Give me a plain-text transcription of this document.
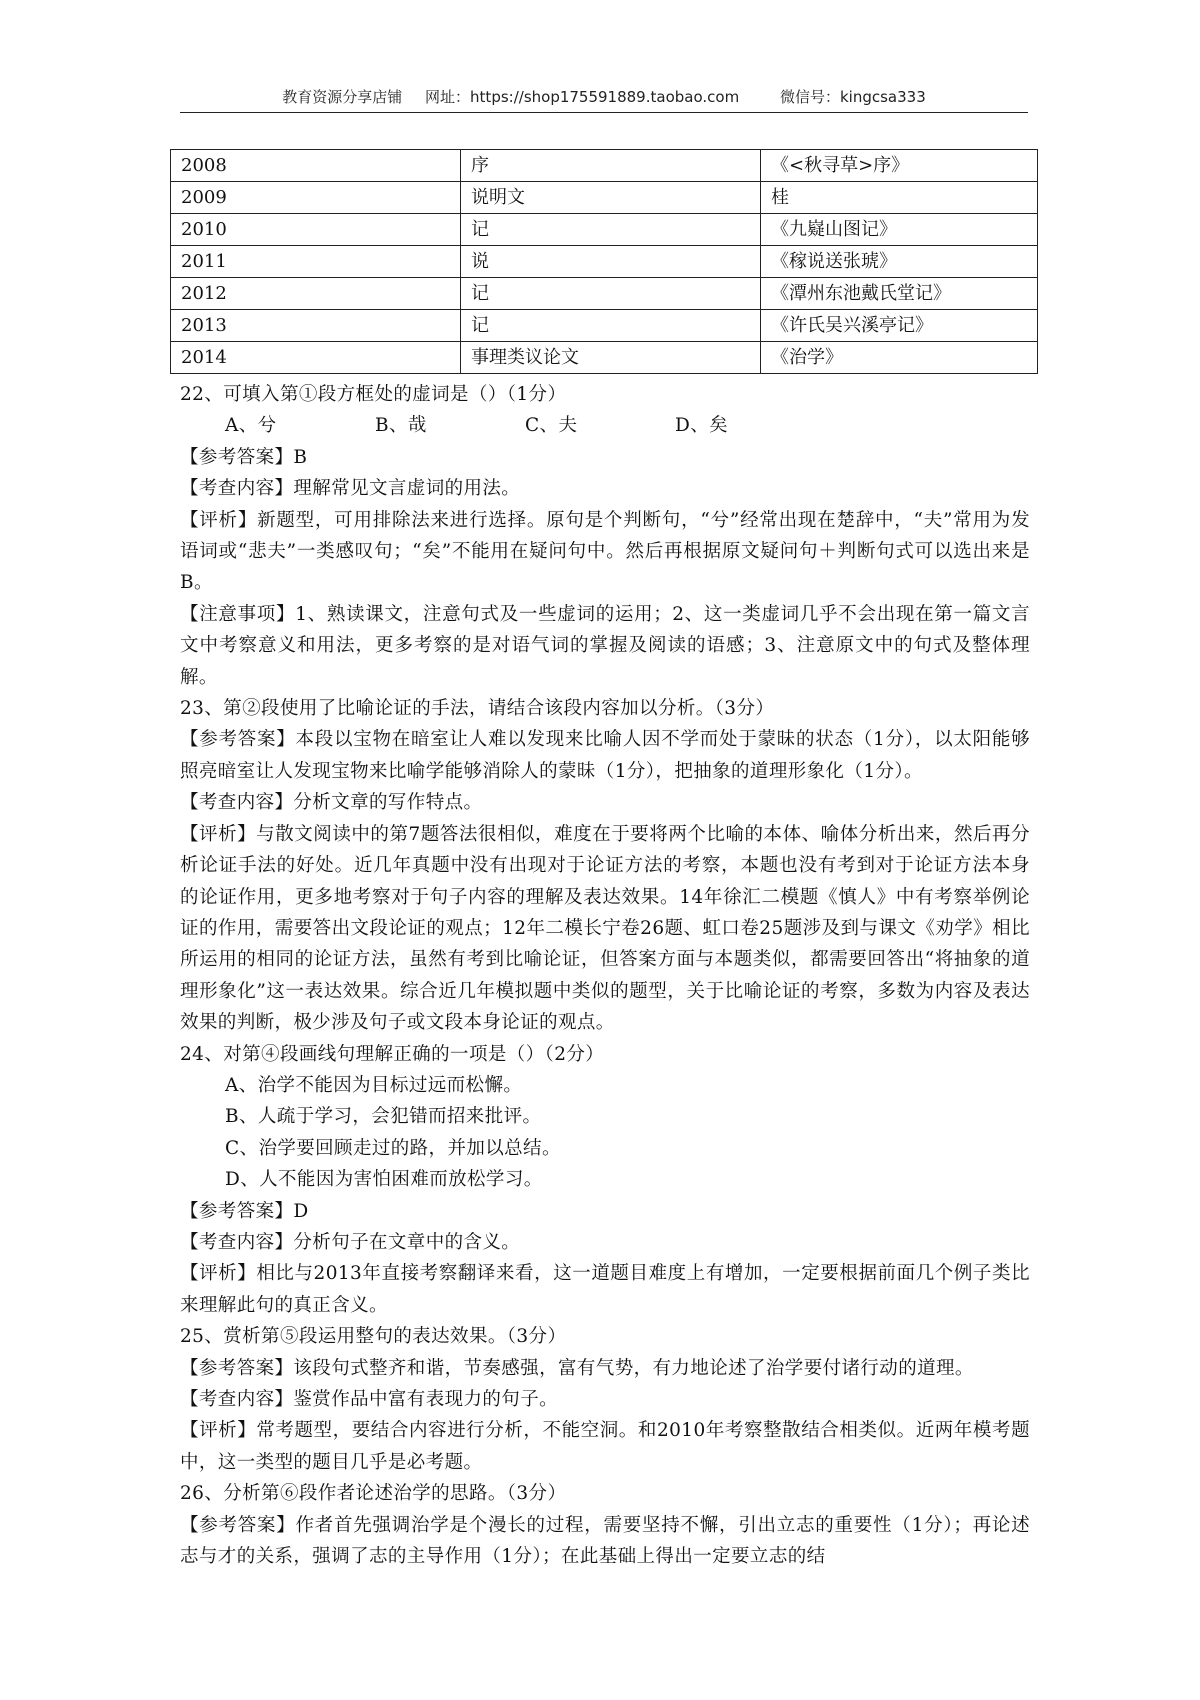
教育资源分享店铺 网址：https://shop175591889.taobao.com	微信号：kingcsa333
2008	序	《<秋寻草>序》
2009	说明文	桂
2010	记	《九嶷山图记》
2011	说	《稼说送张琥》
2012	记	《潭州东池戴氏堂记》
2013	记	《许氏吴兴溪亭记》
2014	事理类议论文	《治学》

22、可填入第①段方框处的虚词是（）（1分）

A、兮	B、哉	C、夫	D、矣

【参考答案】B

【考查内容】理解常见文言虚词的用法。

【评析】新题型，可用排除法来进行选择。原句是个判断句，“兮”经常出现在楚辞中，“夫”常用为发语词或“悲夫”一类感叹句；“矣”不能用在疑问句中。然后再根据原文疑问句＋判断句式可以选出来是B。

【注意事项】1、熟读课文，注意句式及一些虚词的运用；2、这一类虚词几乎不会出现在第一篇文言文中考察意义和用法，更多考察的是对语气词的掌握及阅读的语感；3、注意原文中的句式及整体理解。

23、第②段使用了比喻论证的手法，请结合该段内容加以分析。（3分）

【参考答案】本段以宝物在暗室让人难以发现来比喻人因不学而处于蒙昧的状态（1分），以太阳能够照亮暗室让人发现宝物来比喻学能够消除人的蒙昧（1分），把抽象的道理形象化（1分）。

【考查内容】分析文章的写作特点。

【评析】与散文阅读中的第7题答法很相似，难度在于要将两个比喻的本体、喻体分析出来，然后再分析论证手法的好处。近几年真题中没有出现对于论证方法的考察，本题也没有考到对于论证方法本身的论证作用，更多地考察对于句子内容的理解及表达效果。14年徐汇二模题《慎人》中有考察举例论证的作用，需要答出文段论证的观点；12年二模长宁卷26题、虹口卷25题涉及到与课文《劝学》相比所运用的相同的论证方法，虽然有考到比喻论证，但答案方面与本题类似，都需要回答出“将抽象的道理形象化”这一表达效果。综合近几年模拟题中类似的题型，关于比喻论证的考察，多数为内容及表达效果的判断，极少涉及句子或文段本身论证的观点。

24、对第④段画线句理解正确的一项是（）（2分）

A、治学不能因为目标过远而松懈。

B、人疏于学习，会犯错而招来批评。

C、治学要回顾走过的路，并加以总结。

D、人不能因为害怕困难而放松学习。

【参考答案】D

【考查内容】分析句子在文章中的含义。

【评析】相比与2013年直接考察翻译来看，这一道题目难度上有增加，一定要根据前面几个例子类比来理解此句的真正含义。

25、赏析第⑤段运用整句的表达效果。（3分）

【参考答案】该段句式整齐和谐，节奏感强，富有气势，有力地论述了治学要付诸行动的道理。

【考查内容】鉴赏作品中富有表现力的句子。

【评析】常考题型，要结合内容进行分析，不能空洞。和2010年考察整散结合相类似。近两年模考题中，这一类型的题目几乎是必考题。

26、分析第⑥段作者论述治学的思路。（3分）

【参考答案】作者首先强调治学是个漫长的过程，需要坚持不懈，引出立志的重要性（1分）；再论述志与才的关系，强调了志的主导作用（1分）；在此基础上得出一定要立志的结
